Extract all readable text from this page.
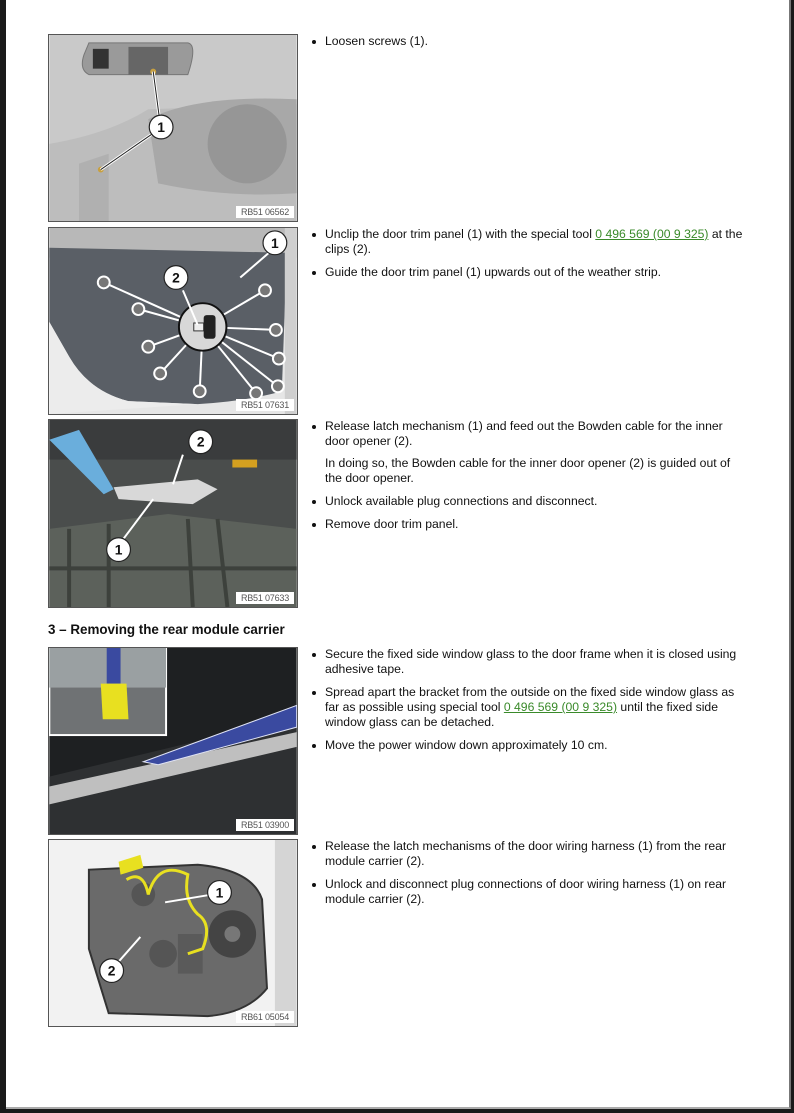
1
RB51 06562
Loosen screws (1).
2
1
RB51 07631
Unclip the door trim panel (1) with the special tool 0 496 569 (00 9 325) at the clips (2).
Guide the door trim panel (1) upwards out of the weather strip.
2
1
RB51 07633
Release latch mechanism (1) and feed out the Bowden cable for the inner door opener (2).

In doing so, the Bowden cable for the inner door opener (2) is guided out of the door opener.

Unlock available plug connections and disconnect.
Remove door trim panel.
3 – Removing the rear module carrier
RB51 03900
Secure the fixed side window glass to the door frame when it is closed using adhesive tape.
Spread apart the bracket from the outside on the fixed side window glass as far as possible using special tool 0 496 569 (00 9 325) until the fixed side window glass can be detached.
Move the power window down approximately 10 cm.
1
2
RB61 05054
Release the latch mechanisms of the door wiring harness (1) from the rear module carrier (2).
Unlock and disconnect plug connections of door wiring harness (1) on rear module carrier (2).
